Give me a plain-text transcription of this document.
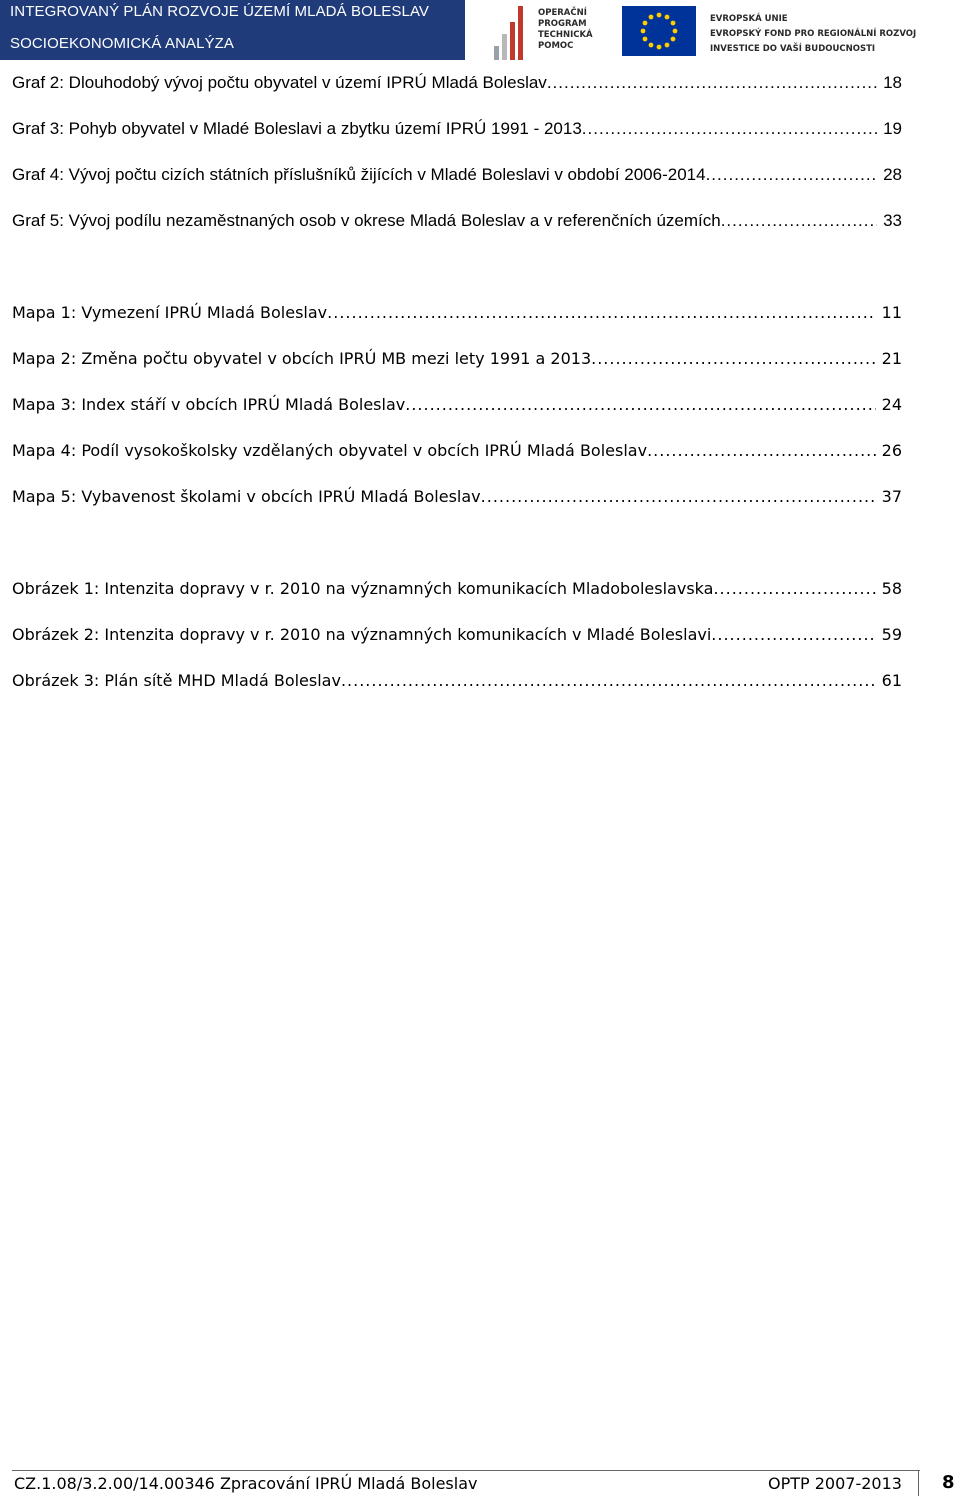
INTEGROVANÝ PLÁN ROZVOJE ÚZEMÍ MLADÁ BOLESLAV
SOCIOEKONOMICKÁ ANALÝZA
OPERAČNÍ
PROGRAM
TECHNICKÁ
POMOC
EVROPSKÁ UNIE
EVROPSKÝ FOND PRO REGIONÁLNÍ ROZVOJ
INVESTICE DO VAŠÍ BUDOUCNOSTI
Graf 2: Dlouhodobý vývoj počtu obyvatel v území IPRÚ Mladá Boleslav .....	18
Graf 3: Pohyb obyvatel v Mladé Boleslavi a zbytku území IPRÚ 1991 - 2013 .....	19
Graf 4: Vývoj počtu cizích státních příslušníků žijících v Mladé Boleslavi v období 2006-2014 .....	28
Graf 5: Vývoj podílu nezaměstnaných osob v okrese Mladá Boleslav a v referenčních územích .....	33
Mapa 1: Vymezení IPRÚ Mladá Boleslav .....	11
Mapa 2: Změna počtu obyvatel v obcích IPRÚ MB mezi lety 1991 a 2013 .....	21
Mapa 3: Index stáří v obcích IPRÚ Mladá Boleslav .....	24
Mapa 4: Podíl vysokoškolsky vzdělaných obyvatel v obcích IPRÚ Mladá Boleslav .....	26
Mapa 5: Vybavenost školami v obcích IPRÚ Mladá Boleslav .....	37
Obrázek 1: Intenzita dopravy v r. 2010 na významných komunikacích Mladoboleslavska .....	58
Obrázek 2: Intenzita dopravy v r. 2010 na významných komunikacích v Mladé Boleslavi .....	59
Obrázek 3: Plán sítě MHD Mladá Boleslav .....	61
CZ.1.08/3.2.00/14.00346 Zpracování IPRÚ Mladá Boleslav	OPTP 2007-2013 8
